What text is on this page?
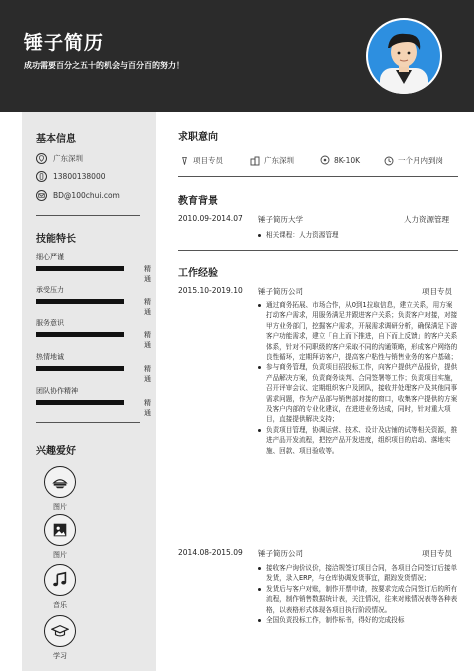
锤子简历
成功需要百分之五十的机会与百分百的努力！
基本信息
广东深圳
13800138000
BD@100chui.com
技能特长
细心严谨
精通
承受压力
精通
服务意识
精通
热情地诚
精通
团队协作精神
精通
兴趣爱好
图片
图片
音乐
学习
求职意向
项目专员	广东深圳	8K-10K	一个月内到岗
教育背景
2010.09-2014.07 锤子简历大学	人力资源管理
相关课程：人力资源管理
工作经验
2015.10-2019.10 锤子简历公司	项目专员
通过商务拓展、市场合作，从0到1拉取信息，建立关系，用方案打动客户需求，用服务满足并跟进客户关系；负责客户对接，对接甲方业务部门，挖掘客户需求，开展需求调研分析，确保满足下游客户功能需求，建立「自上而下推进，自下而上反馈」的客户关系体系，针对不同职级的客户采取不同的沟通策略，形成客户网络的良性循环，定期拜访客户，提高客户粘性与销售业务的客户基础；
参与商务管理，负责项目招投标工作，向客户提供产品报价，提供产品解决方案，负责商务谈判、合同签署等工作；负责项目实施，召开评审会议、定期组织客户及团队，接收并处理客户及其他同事需求问题，作为产品部与销售部对接的窗口，收集客户提供的方案及客户内部的专业化建议，在进进业务达成，同时，针对重大项目，直接提供解决支持；
负责项目管理，协调运营、技术、设计及店铺的试等相关资源，推进产品开发流程，把控产品开发进度，组织项目的启动、落地实施、回款、项目验收等。
2014.08-2015.09 锤子简历公司	项目专员
接收客户询价议价，接洽规签订项目合同，各项目合同签订后接单发货，录入ERP，与仓库协调发货事宜，跟踪发货情况；
发货后与客户对账，制作开票申请，按要求完成合同签订后的所有流程，制作销售数据统计表，关注情况，往来对账情况表等各种表格，以表格形式体现各项目执行阶段情况。
全国负责投标工作，制作标书，得好的完成投标
